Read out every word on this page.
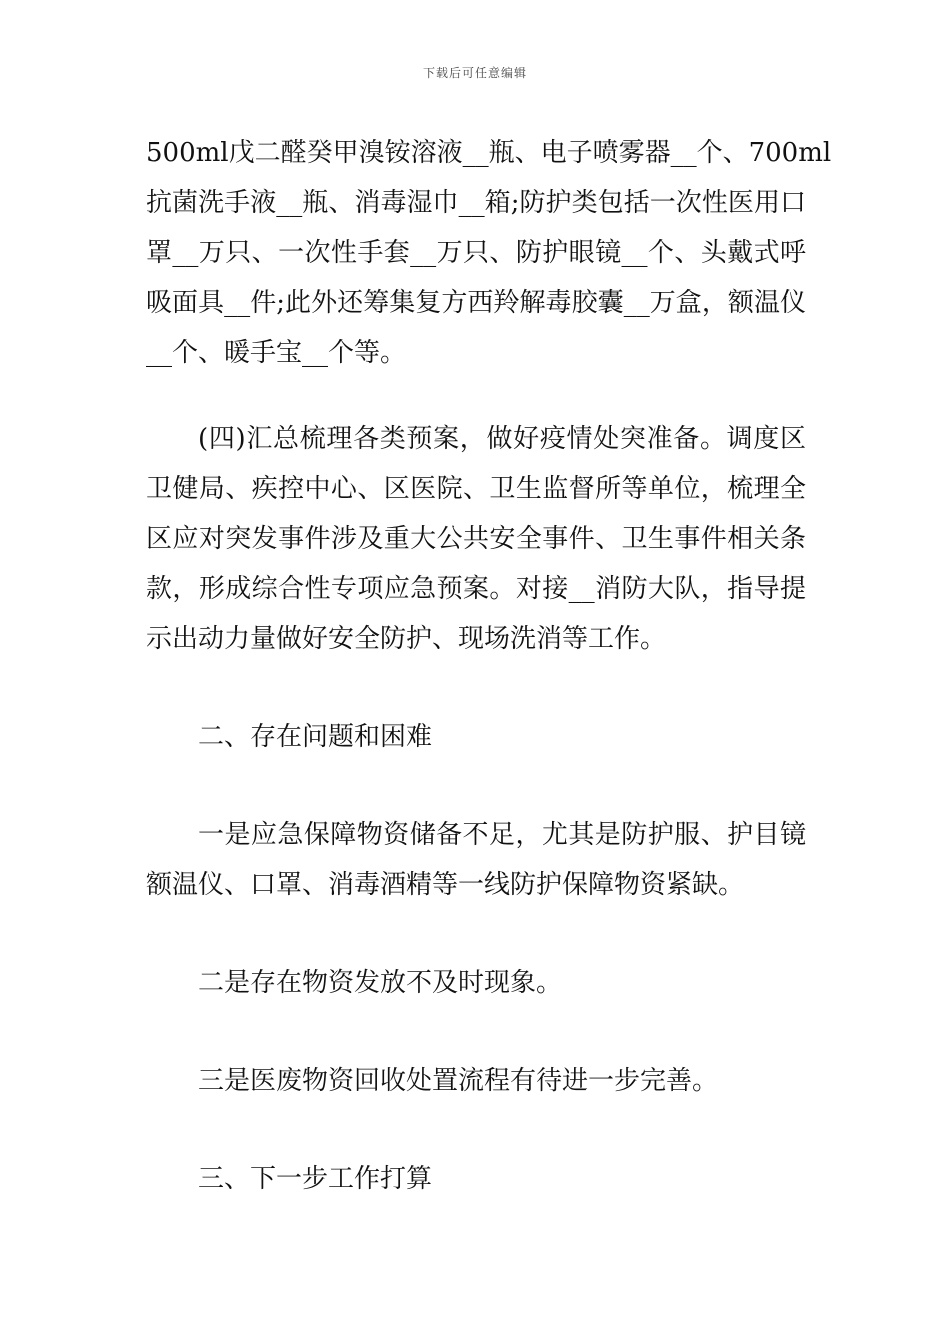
下载后可任意编辑
500ml戊二醛癸甲溴铵溶液__瓶、电子喷雾器__个、700ml
抗菌洗手液__瓶、消毒湿巾__箱;防护类包括一次性医用口
罩__万只、一次性手套__万只、防护眼镜__个、头戴式呼
吸面具__件;此外还筹集复方西羚解毒胶囊__万盒，额温仪
__个、暖手宝__个等。
(四)汇总梳理各类预案，做好疫情处突准备。调度区
卫健局、疾控中心、区医院、卫生监督所等单位，梳理全
区应对突发事件涉及重大公共安全事件、卫生事件相关条
款，形成综合性专项应急预案。对接__消防大队，指导提
示出动力量做好安全防护、现场洗消等工作。
二、存在问题和困难
一是应急保障物资储备不足，尤其是防护服、护目镜
额温仪、口罩、消毒酒精等一线防护保障物资紧缺。
二是存在物资发放不及时现象。
三是医废物资回收处置流程有待进一步完善。
三、下一步工作打算
